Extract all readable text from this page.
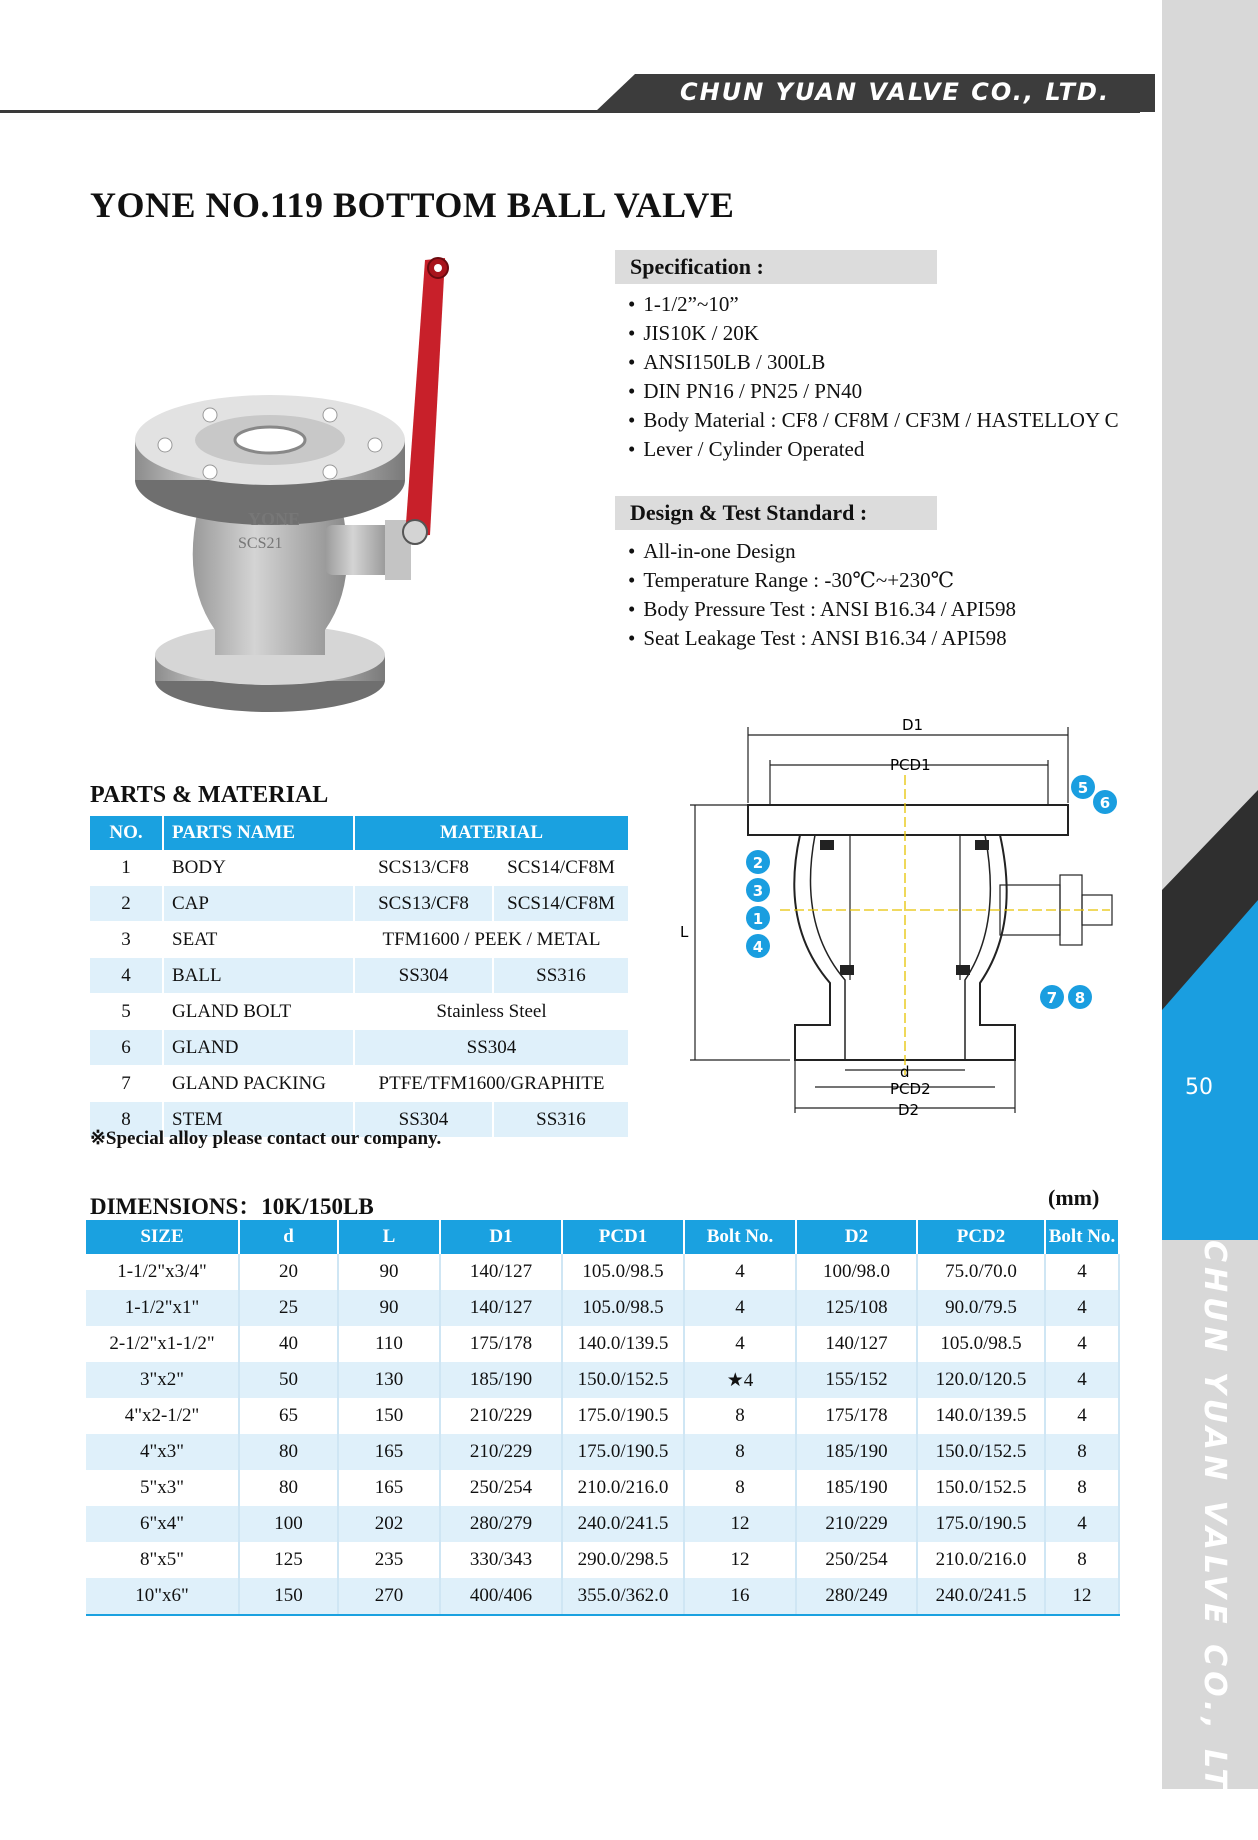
CHUN YUAN VALVE CO., LTD.
YONE NO.119 BOTTOM BALL VALVE
YONE
SCS21
Specification :
• 1-1/2”~10”
• JIS10K / 20K
• ANSI150LB / 300LB
• DIN PN16 / PN25 / PN40
• Body Material : CF8 / CF8M / CF3M / HASTELLOY C
• Lever / Cylinder Operated
Design & Test Standard :
• All-in-one Design
• Temperature Range : -30℃~+230℃
• Body Pressure Test : ANSI B16.34 / API598
• Seat Leakage Test : ANSI B16.34 / API598
PARTS & MATERIAL
NO.	PARTS NAME	MATERIAL	
1	BODY	SCS13/CF8	SCS14/CF8M
2	CAP	SCS13/CF8	SCS14/CF8M
3	SEAT	TFM1600 / PEEK / METAL	
4	BALL	SS304	SS316
5	GLAND BOLT	Stainless Steel	
6	GLAND	SS304	
7	GLAND PACKING	PTFE/TFM1600/GRAPHITE	
8	STEM	SS304	SS316
※Special alloy please contact our company.
D1
PCD1
L
d
PCD2
D2
2
3
1
4
5
6
7 8
DIMENSIONS：10K/150LB	(mm)
SIZE	d	L	D1	PCD1	Bolt No.	D2	PCD2	Bolt No.
1-1/2"x3/4"	20	90	140/127	105.0/98.5	4	100/98.0	75.0/70.0	4
1-1/2"x1"	25	90	140/127	105.0/98.5	4	125/108	90.0/79.5	4
2-1/2"x1-1/2"	40	110	175/178	140.0/139.5	4	140/127	105.0/98.5	4
3"x2"	50	130	185/190	150.0/152.5	★4	155/152	120.0/120.5	4
4"x2-1/2"	65	150	210/229	175.0/190.5	8	175/178	140.0/139.5	4
4"x3"	80	165	210/229	175.0/190.5	8	185/190	150.0/152.5	8
5"x3"	80	165	250/254	210.0/216.0	8	185/190	150.0/152.5	8
6"x4"	100	202	280/279	240.0/241.5	12	210/229	175.0/190.5	4
8"x5"	125	235	330/343	290.0/298.5	12	250/254	210.0/216.0	8
10"x6"	150	270	400/406	355.0/362.0	16	280/249	240.0/241.5	12
50
CHUN YUAN VALVE CO., LTD.
